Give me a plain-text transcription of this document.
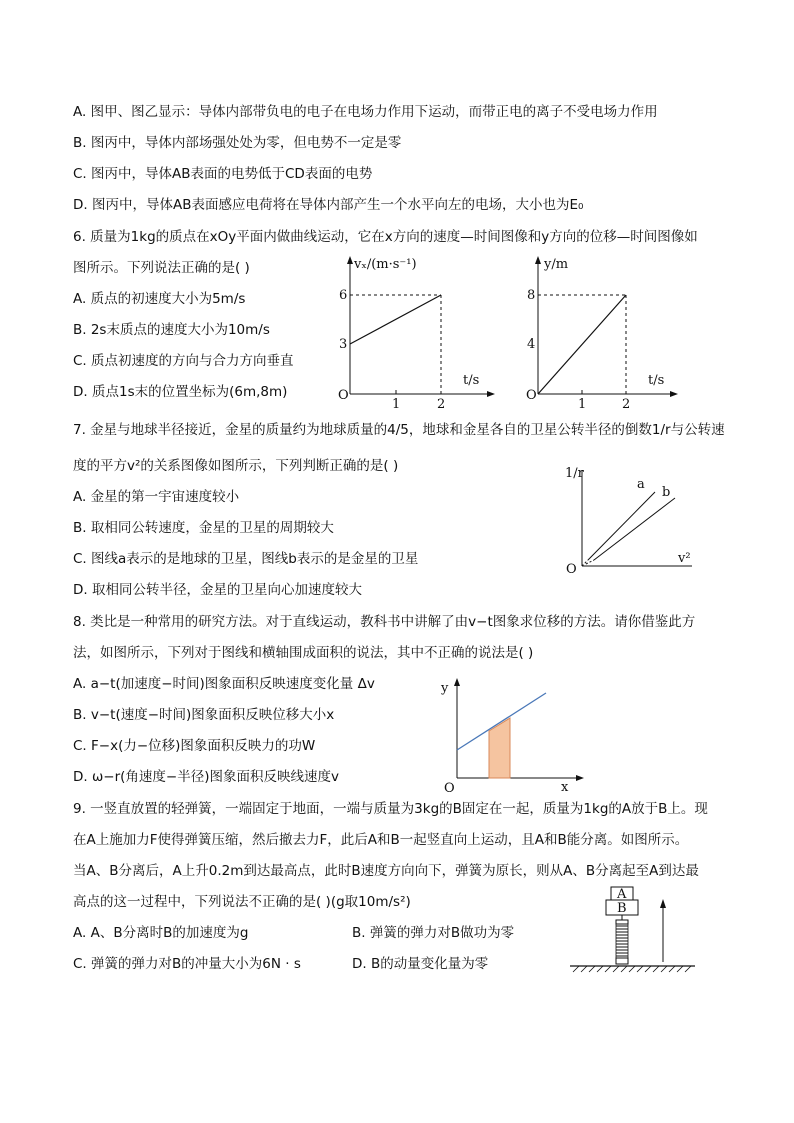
A. 图甲、图乙显示：导体内部带负电的电子在电场力作用下运动，而带正电的离子不受电场力作用
B. 图丙中，导体内部场强处处为零，但电势不一定是零
C. 图丙中，导体AB表面的电势低于CD表面的电势
D. 图丙中，导体AB表面感应电荷将在导体内部产生一个水平向左的电场，大小也为E₀
6. 质量为1kg的质点在xOy平面内做曲线运动，它在x方向的速度—时间图像和y方向的位移—时间图像如
图所示。下列说法正确的是( )
A. 质点的初速度大小为5m/s
B. 2s末质点的速度大小为10m/s
C. 质点初速度的方向与合力方向垂直
D. 质点1s末的位置坐标为(6m,8m)
vₓ/(m·s⁻¹)
t/s
O
3
6
1	2
y/m
t/s
O
4
8
1	2
7. 金星与地球半径接近，金星的质量约为地球质量的4/5，地球和金星各自的卫星公转半径的倒数1/r与公转速
度的平方v²的关系图像如图所示，下列判断正确的是( )
A. 金星的第一宇宙速度较小
B. 取相同公转速度，金星的卫星的周期较大
C. 图线a表示的是地球的卫星，图线b表示的是金星的卫星
D. 取相同公转半径，金星的卫星向心加速度较大
1/r
v²
O
a
b
8. 类比是一种常用的研究方法。对于直线运动，教科书中讲解了由v−t图象求位移的方法。请你借鉴此方
法，如图所示，下列对于图线和横轴围成面积的说法，其中不正确的说法是( )
A. a−t(加速度−时间)图象面积反映速度变化量 Δv
B. v−t(速度−时间)图象面积反映位移大小x
C. F−x(力−位移)图象面积反映力的功W
D. ω−r(角速度−半径)图象面积反映线速度v
y
x
O
9. 一竖直放置的轻弹簧，一端固定于地面，一端与质量为3kg的B固定在一起，质量为1kg的A放于B上。现
在A上施加力F使得弹簧压缩，然后撤去力F，此后A和B一起竖直向上运动，且A和B能分离。如图所示。
当A、B分离后，A上升0.2m到达最高点，此时B速度方向向下，弹簧为原长，则从A、B分离起至A到达最
高点的这一过程中，下列说法不正确的是( )(g取10m/s²)
A. A、B分离时B的加速度为g	B. 弹簧的弹力对B做功为零
C. 弹簧的弹力对B的冲量大小为6N · s	D. B的动量变化量为零
A
B
